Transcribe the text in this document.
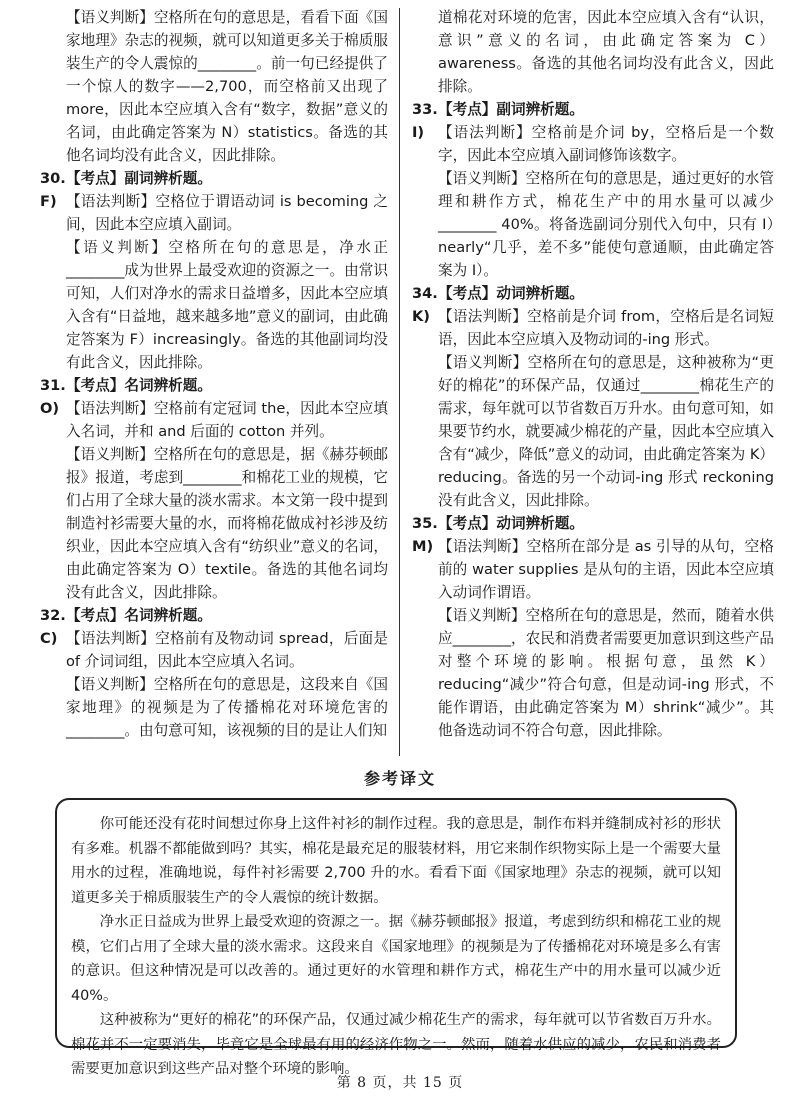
【语义判断】空格所在句的意思是，看看下面《国家地理》杂志的视频，就可以知道更多关于棉质服装生产的令人震惊的________。前一句已经提供了一个惊人的数字——2,700，而空格前又出现了more，因此本空应填入含有“数字，数据”意义的名词，由此确定答案为 N）statistics。备选的其他名词均没有此含义，因此排除。

30. 【考点】副词辨析题。
F) 【语法判断】空格位于谓语动词 is becoming 之间，因此本空应填入副词。

【语义判断】空格所在句的意思是，净水正________成为世界上最受欢迎的资源之一。由常识可知，人们对净水的需求日益增多，因此本空应填入含有“日益地，越来越多地”意义的副词，由此确定答案为 F）increasingly。备选的其他副词均没有此含义，因此排除。

31. 【考点】名词辨析题。
O) 【语法判断】空格前有定冠词 the，因此本空应填入名词，并和 and 后面的 cotton 并列。

【语义判断】空格所在句的意思是，据《赫芬顿邮报》报道，考虑到________和棉花工业的规模，它们占用了全球大量的淡水需求。本文第一段中提到制造衬衫需要大量的水，而将棉花做成衬衫涉及纺织业，因此本空应填入含有“纺织业”意义的名词，由此确定答案为 O）textile。备选的其他名词均没有此含义，因此排除。

32. 【考点】名词辨析题。
C) 【语法判断】空格前有及物动词 spread，后面是 of 介词词组，因此本空应填入名词。

【语义判断】空格所在句的意思是，这段来自《国家地理》的视频是为了传播棉花对环境危害的________。由句意可知，该视频的目的是让人们知

道棉花对环境的危害，因此本空应填入含有“认识，意识”意义的名词，由此确定答案为 C）awareness。备选的其他名词均没有此含义，因此排除。

33. 【考点】副词辨析题。
I) 【语法判断】空格前是介词 by，空格后是一个数字，因此本空应填入副词修饰该数字。

【语义判断】空格所在句的意思是，通过更好的水管理和耕作方式，棉花生产中的用水量可以减少________ 40%。将备选副词分别代入句中，只有 I）nearly“几乎，差不多”能使句意通顺，由此确定答案为 I）。

34. 【考点】动词辨析题。
K) 【语法判断】空格前是介词 from，空格后是名词短语，因此本空应填入及物动词的-ing 形式。

【语义判断】空格所在句的意思是，这种被称为“更好的棉花”的环保产品，仅通过________棉花生产的需求，每年就可以节省数百万升水。由句意可知，如果要节约水，就要减少棉花的产量，因此本空应填入含有“减少，降低”意义的动词，由此确定答案为 K）reducing。备选的另一个动词-ing 形式 reckoning 没有此含义，因此排除。

35. 【考点】动词辨析题。
M) 【语法判断】空格所在部分是 as 引导的从句，空格前的 water supplies 是从句的主语，因此本空应填入动词作谓语。

【语义判断】空格所在句的意思是，然而，随着水供应________，农民和消费者需要更加意识到这些产品对整个环境的影响。根据句意，虽然 K）reducing“减少”符合句意，但是动词-ing 形式，不能作谓语，由此确定答案为 M）shrink“减少”。其他备选动词不符合句意，因此排除。

参考译文

你可能还没有花时间想过你身上这件衬衫的制作过程。我的意思是，制作布料并缝制成衬衫的形状有多难。机器不都能做到吗？其实，棉花是最充足的服装材料，用它来制作织物实际上是一个需要大量用水的过程，准确地说，每件衬衫需要 2,700 升的水。看看下面《国家地理》杂志的视频，就可以知道更多关于棉质服装生产的令人震惊的统计数据。

净水正日益成为世界上最受欢迎的资源之一。据《赫芬顿邮报》报道，考虑到纺织和棉花工业的规模，它们占用了全球大量的淡水需求。这段来自《国家地理》的视频是为了传播棉花对环境是多么有害的意识。但这种情况是可以改善的。通过更好的水管理和耕作方式，棉花生产中的用水量可以减少近 40%。

这种被称为“更好的棉花”的环保产品，仅通过减少棉花生产的需求，每年就可以节省数百万升水。棉花并不一定要消失，毕竟它是全球最有用的经济作物之一。然而，随着水供应的减少，农民和消费者需要更加意识到这些产品对整个环境的影响。

第 8 页，共 15 页
